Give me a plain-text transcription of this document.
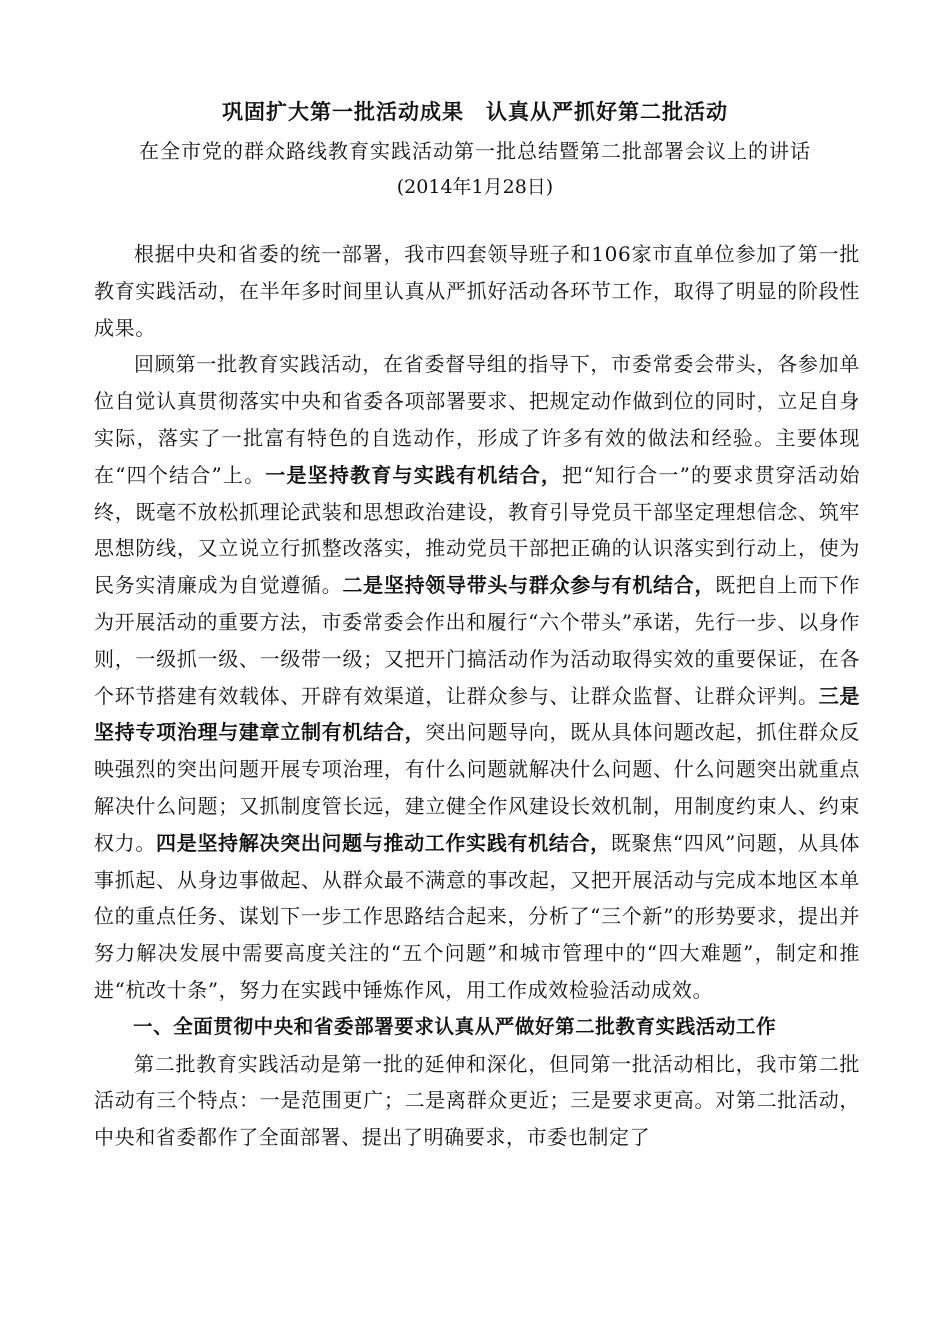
巩固扩大第一批活动成果　认真从严抓好第二批活动
在全市党的群众路线教育实践活动第一批总结暨第二批部署会议上的讲话
(2014年1月28日)

根据中央和省委的统一部署，我市四套领导班子和106家市直单位参加了第一批教育实践活动，在半年多时间里认真从严抓好活动各环节工作，取得了明显的阶段性成果。

回顾第一批教育实践活动，在省委督导组的指导下，市委常委会带头，各参加单位自觉认真贯彻落实中央和省委各项部署要求、把规定动作做到位的同时，立足自身实际，落实了一批富有特色的自选动作，形成了许多有效的做法和经验。主要体现在“四个结合”上。一是坚持教育与实践有机结合，把“知行合一”的要求贯穿活动始终，既毫不放松抓理论武装和思想政治建设，教育引导党员干部坚定理想信念、筑牢思想防线，又立说立行抓整改落实，推动党员干部把正确的认识落实到行动上，使为民务实清廉成为自觉遵循。二是坚持领导带头与群众参与有机结合，既把自上而下作为开展活动的重要方法，市委常委会作出和履行“六个带头”承诺，先行一步、以身作则，一级抓一级、一级带一级；又把开门搞活动作为活动取得实效的重要保证，在各个环节搭建有效载体、开辟有效渠道，让群众参与、让群众监督、让群众评判。三是坚持专项治理与建章立制有机结合，突出问题导向，既从具体问题改起，抓住群众反映强烈的突出问题开展专项治理，有什么问题就解决什么问题、什么问题突出就重点解决什么问题；又抓制度管长远，建立健全作风建设长效机制，用制度约束人、约束权力。四是坚持解决突出问题与推动工作实践有机结合，既聚焦“四风”问题，从具体事抓起、从身边事做起、从群众最不满意的事改起，又把开展活动与完成本地区本单位的重点任务、谋划下一步工作思路结合起来，分析了“三个新”的形势要求，提出并努力解决发展中需要高度关注的“五个问题”和城市管理中的“四大难题”，制定和推进“杭改十条”，努力在实践中锤炼作风，用工作成效检验活动成效。

一、全面贯彻中央和省委部署要求认真从严做好第二批教育实践活动工作

第二批教育实践活动是第一批的延伸和深化，但同第一批活动相比，我市第二批活动有三个特点：一是范围更广；二是离群众更近；三是要求更高。对第二批活动，中央和省委都作了全面部署、提出了明确要求，市委也制定了
